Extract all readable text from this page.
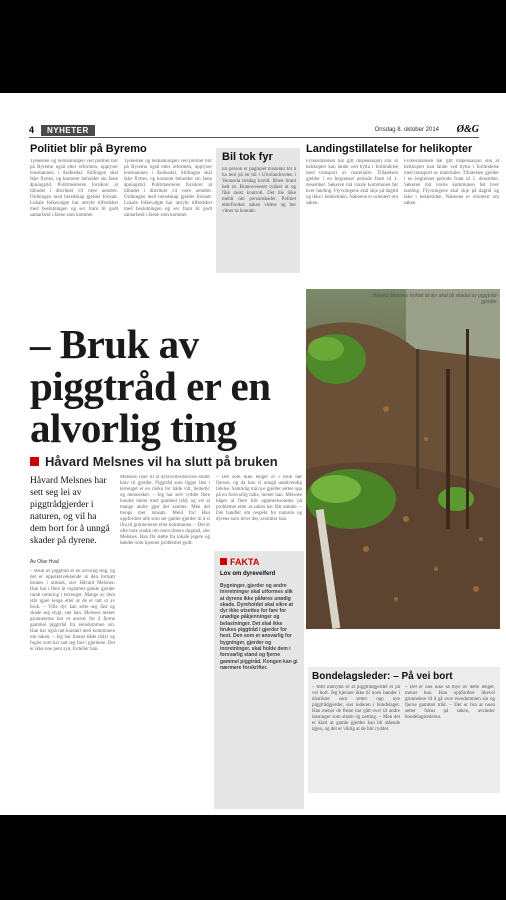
4	NYHETER	Onsdag 8. oktober 2014 Ø&G
Politiet blir på Byremo
Tjenesten og bemanningen ved politiet blir på Byremo også etter reformen, opplyser lensmannen i Audnedal. Stillingen skal ikke flyttes, og kontoret beholder sin faste åpningstid. Politimesteren forsikrer at tilbudet i distriktet vil være uendret. Ordningen med beredskap gjelder fortsatt. Lokale folkevalgte har uttrykt tilfredshet med beslutningen og ser fram til godt samarbeid i årene som kommer.
Tjenesten og bemanningen ved politiet blir på Byremo også etter reformen, opplyser lensmannen i Audnedal. Stillingen skal ikke flyttes, og kontoret beholder sin faste åpningstid. Politimesteren forsikrer at tilbudet i distriktet vil være uendret. Ordningen med beredskap gjelder fortsatt. Lokale folkevalgte har uttrykt tilfredshet med beslutningen og ser fram til godt samarbeid i årene som kommer.
Bil tok fyr
En person er pågrepet mistenkt for å ha tent på en bil i Ulvslandsveien i Vennesla tirsdag kveld. Bilen brant helt ut. Brannvesenet rykket ut og fikk raskt kontroll. Det ble ikke meldt om personskader. Politiet etterforsker saken videre og ber vitner ta kontakt.
Landingstillatelse for helikopter
Fylkesmannen har gitt dispensasjon slik at helikopter kan lande ved hytta i forbindelse med transport av materialer. Tillatelsen gjelder i en begrenset periode fram til 1. desember. Søkeren må varsle kommunen før hver landing. Flyvningene skal skje på dagtid og ikke i hekketiden. Naboene er orientert om saken.
Fylkesmannen har gitt dispensasjon slik at helikopter kan lande ved hytta i forbindelse med transport av materialer. Tillatelsen gjelder i en begrenset periode fram til 1. desember. Søkeren må varsle kommunen før hver landing. Flyvningene skal skje på dagtid og ikke i hekketiden. Naboene er orientert om saken.
– Bruk av piggtråd er en alvorlig ting
Håvard Melsnes vil ha slutt på bruken
Håvard Melsnes har sett seg lei av piggtrådgjerder i naturen, og vil ha dem bort for å unngå skader på dyrene.
Av Olav Hval
– Bruk av piggtråd er en alvorlig ting, og det er oppsiktsvekkende at den fortsatt brukes i utmark, sier Håvard Melsnes. Han har i flere år registrert gamle gjerder rundt omkring i terrenget. Mange av dem står igjen lenge etter at de er tatt ut av bruk. – Ville dyr kan sette seg fast og skade seg stygt, sier han. Melsnes mener grunneierne har et ansvar for å fjerne gammel piggtråd fra eiendommen sin. Han har også tatt kontakt med kommunen om saken. – Jeg har funnet både rådyr og fugler som har satt seg fast i gjerdene. Det er ikke noe pent syn, forteller han.
Melsnes viser til at dyrevelferdsloven stiller krav til gjerder. Piggtråd som ligger løst i terrenget er en risiko for både vilt, beitedyr og mennesker. – Jeg har selv ryddet flere hundre meter med gammel tråd, og vet at mange andre gjør det samme. Men det trengs mer innsats. Meld fra! Han oppfordrer alle som ser gamle gjerder til å si ifra til grunneieren eller kommunen. – Det er ofte bare snakk om noen timers dugnad, sier Melsnes. Han får støtte fra lokale jegere og bønder som kjenner problemet godt.
– Det som ikke lenger er i bruk bør fjernes, og da kan vi unngå unødvendig lidelse. Samtidig må nye gjerder settes opp på en forsvarlig måte, mener han. Melsnes håper at flere blir oppmerksomme på problemet etter at saken har fått omtale. – Det handler om respekt for naturen og dyrene som lever der, avslutter han.
FAKTA
Lov om dyrevelferd
Bygninger, gjerder og andre innretninger skal utformes slik at dyrene ikke påføres unødig skade. Dyreholdet skal sikre at dyr ikke utsettes for fare for unødige påkjenninger og belastninger. Det skal ikke brukes piggtråd i gjerder for hest. Den som er ansvarlig for bygninger, gjerder og innretninger, skal holde dem i forsvarlig stand og fjerne gammel piggtråd. Kongen kan gi nærmere forskrifter.
Håvard Melsnes fryktet at dyr skal bli skadet av piggtråd-gjerder.
Bondelagsleder: – På vei bort
– Mitt inntrykk er at piggtrådgjerder er på vei bort. Jeg kjenner ikke til noen bønder i distriktet som setter opp nye piggtrådgjerder, sier lederen i bondelaget. Han mener de fleste har gått over til andre løsninger som strøm og netting. – Men det er klart at gamle gjerder kan bli stående igjen, og det er viktig at de blir ryddet.
– Det er nok ikke så mye av dette lenger, mener han. Han oppfordrer likevel grunneiere til å gå over eiendommen sin og fjerne gammel tråd. – Det er bra at noen setter fokus på saken, avslutter bondelagslederen.
